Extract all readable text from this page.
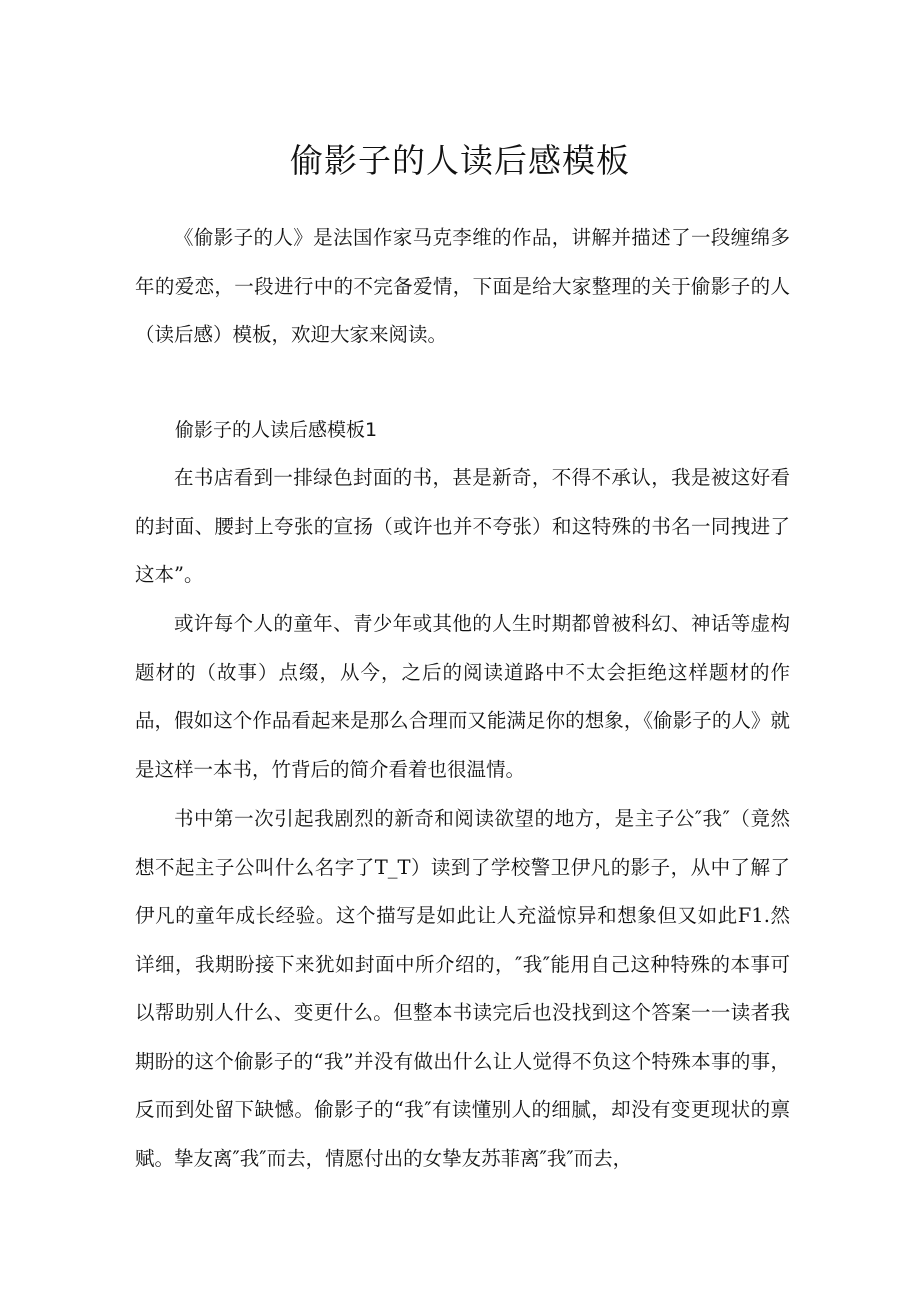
偷影子的人读后感模板

《偷影子的人》是法国作家马克李维的作品，讲解并描述了一段缠绵多年的爱恋，一段进行中的不完备爱情，下面是给大家整理的关于偷影子的人（读后感）模板，欢迎大家来阅读。

偷影子的人读后感模板1

在书店看到一排绿色封面的书，甚是新奇，不得不承认，我是被这好看的封面、腰封上夸张的宣扬（或许也并不夸张）和这特殊的书名一同拽进了这本”。

或许每个人的童年、青少年或其他的人生时期都曾被科幻、神话等虚构题材的（故事）点缀，从今，之后的阅读道路中不太会拒绝这样题材的作品，假如这个作品看起来是那么合理而又能满足你的想象，《偷影子的人》就是这样一本书，竹背后的简介看着也很温情。

书中第一次引起我剧烈的新奇和阅读欲望的地方，是主子公″我″（竟然想不起主子公叫什么名字了T_T）读到了学校警卫伊凡的影子，从中了解了伊凡的童年成长经验。这个描写是如此让人充溢惊异和想象但又如此F1.然详细，我期盼接下来犹如封面中所介绍的，″我″能用自己这种特殊的本事可以帮助别人什么、变更什么。但整本书读完后也没找到这个答案一一读者我期盼的这个偷影子的“我”并没有做出什么让人觉得不负这个特殊本事的事，反而到处留下缺憾。偷影子的“我″有读懂别人的细腻，却没有变更现状的禀赋。挚友离″我″而去，情愿付出的女挚友苏菲离″我″而去，
